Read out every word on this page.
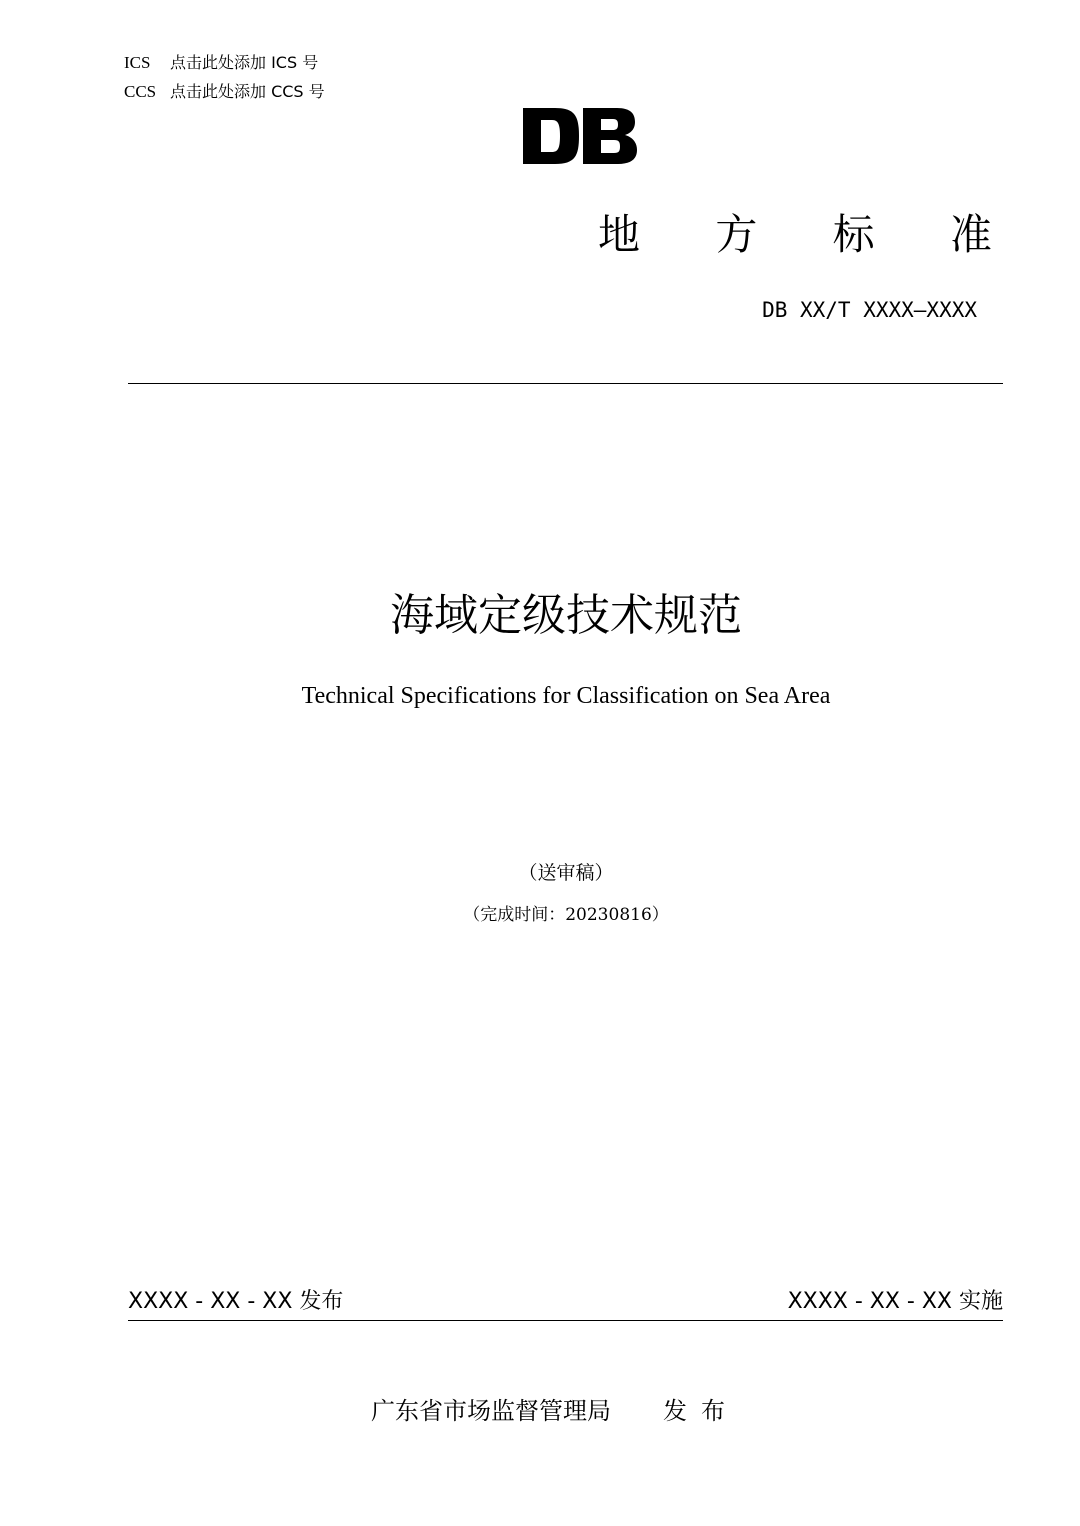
ICS 点击此处添加 ICS 号
CCS 点击此处添加 CCS 号
地 方 标 准
DB XX/T XXXX—XXXX
海域定级技术规范
Technical Specifications for Classification on Sea Area
（送审稿）
（完成时间：20230816）
XXXX - XX - XX 发布	XXXX - XX - XX 实施
广东省市场监督管理局 发布
